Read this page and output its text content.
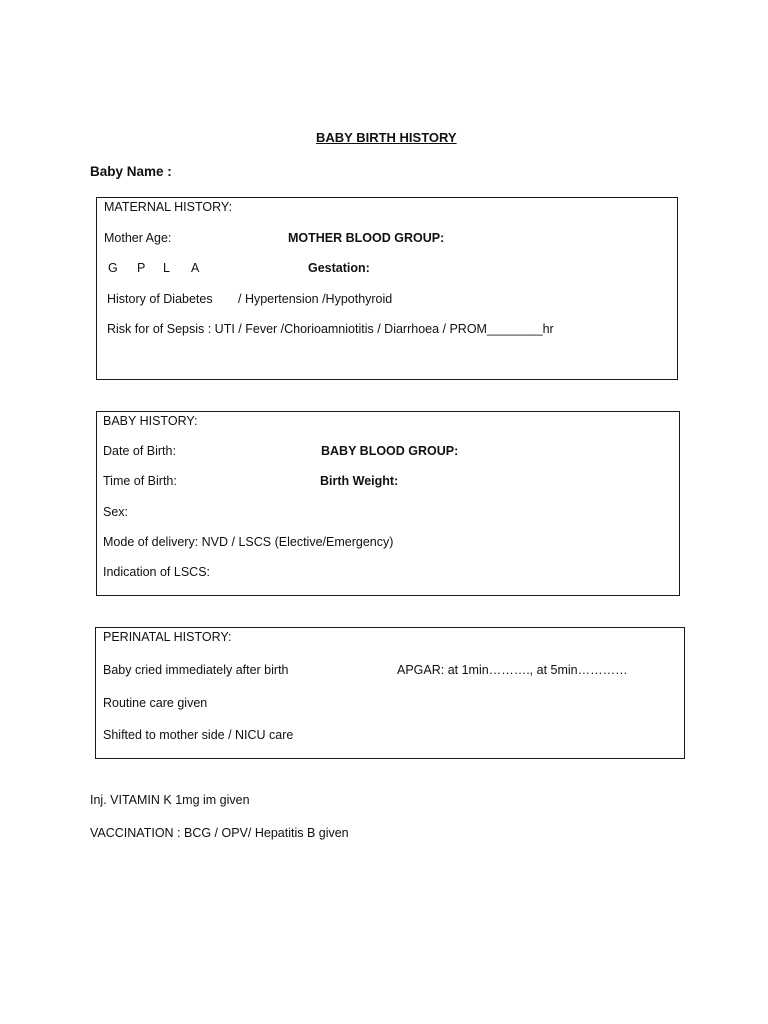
BABY BIRTH HISTORY
Baby Name :
MATERNAL HISTORY:
Mother Age:	MOTHER BLOOD GROUP:
G P L A	Gestation:
History of Diabetes / Hypertension /Hypothyroid
Risk for of Sepsis : UTI / Fever /Chorioamniotitis / Diarrhoea / PROM________hr
BABY HISTORY:
Date of Birth:	BABY BLOOD GROUP:
Time of Birth:	Birth Weight:
Sex:
Mode of delivery: NVD / LSCS (Elective/Emergency)
Indication of LSCS:
PERINATAL HISTORY:
Baby cried immediately after birth	APGAR: at 1min………., at 5min…………
Routine care given
Shifted to mother side / NICU care
Inj. VITAMIN K 1mg im given
VACCINATION : BCG / OPV/ Hepatitis B given
